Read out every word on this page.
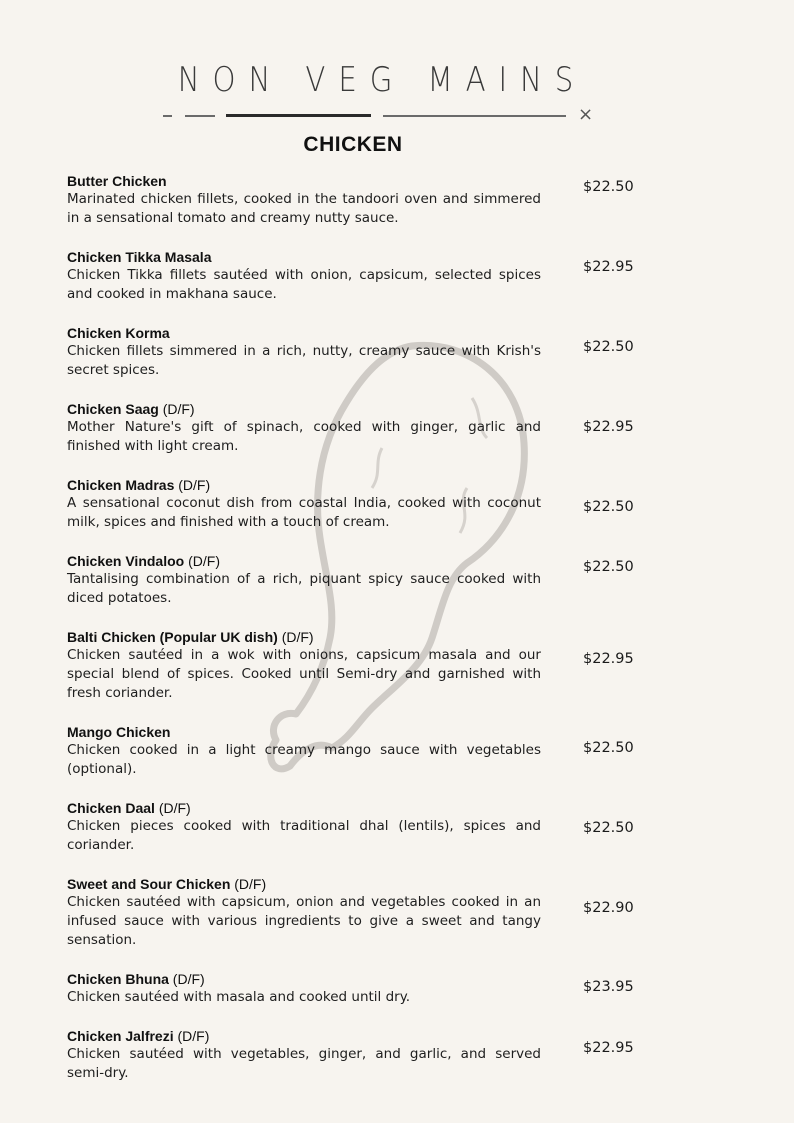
NON VEG MAINS
×
CHICKEN
Butter Chicken
Marinated chicken fillets, cooked in the tandoori oven and simmered in a sensational tomato and creamy nutty sauce.
$22.50
Chicken Tikka Masala
Chicken Tikka fillets sautéed with onion, capsicum, selected spices and cooked in makhana sauce.
$22.95
Chicken Korma
Chicken fillets simmered in a rich, nutty, creamy sauce with Krish's secret spices.
$22.50
Chicken Saag (D/F)
Mother Nature's gift of spinach, cooked with ginger, garlic and finished with light cream.
$22.95
Chicken Madras (D/F)
A sensational coconut dish from coastal India, cooked with coconut milk, spices and finished with a touch of cream.
$22.50
Chicken Vindaloo (D/F)
Tantalising combination of a rich, piquant spicy sauce cooked with diced potatoes.
$22.50
Balti Chicken (Popular UK dish) (D/F)
Chicken sautéed in a wok with onions, capsicum masala and our special blend of spices. Cooked until Semi-dry and garnished with fresh coriander.
$22.95
Mango Chicken
Chicken cooked in a light creamy mango sauce with vegetables (optional).
$22.50
Chicken Daal (D/F)
Chicken pieces cooked with traditional dhal (lentils), spices and coriander.
$22.50
Sweet and Sour Chicken (D/F)
Chicken sautéed with capsicum, onion and vegetables cooked in an infused sauce with various ingredients to give a sweet and tangy sensation.
$22.90
Chicken Bhuna (D/F)
Chicken sautéed with masala and cooked until dry.
$23.95
Chicken Jalfrezi (D/F)
Chicken sautéed with vegetables, ginger, and garlic, and served semi-dry.
$22.95
